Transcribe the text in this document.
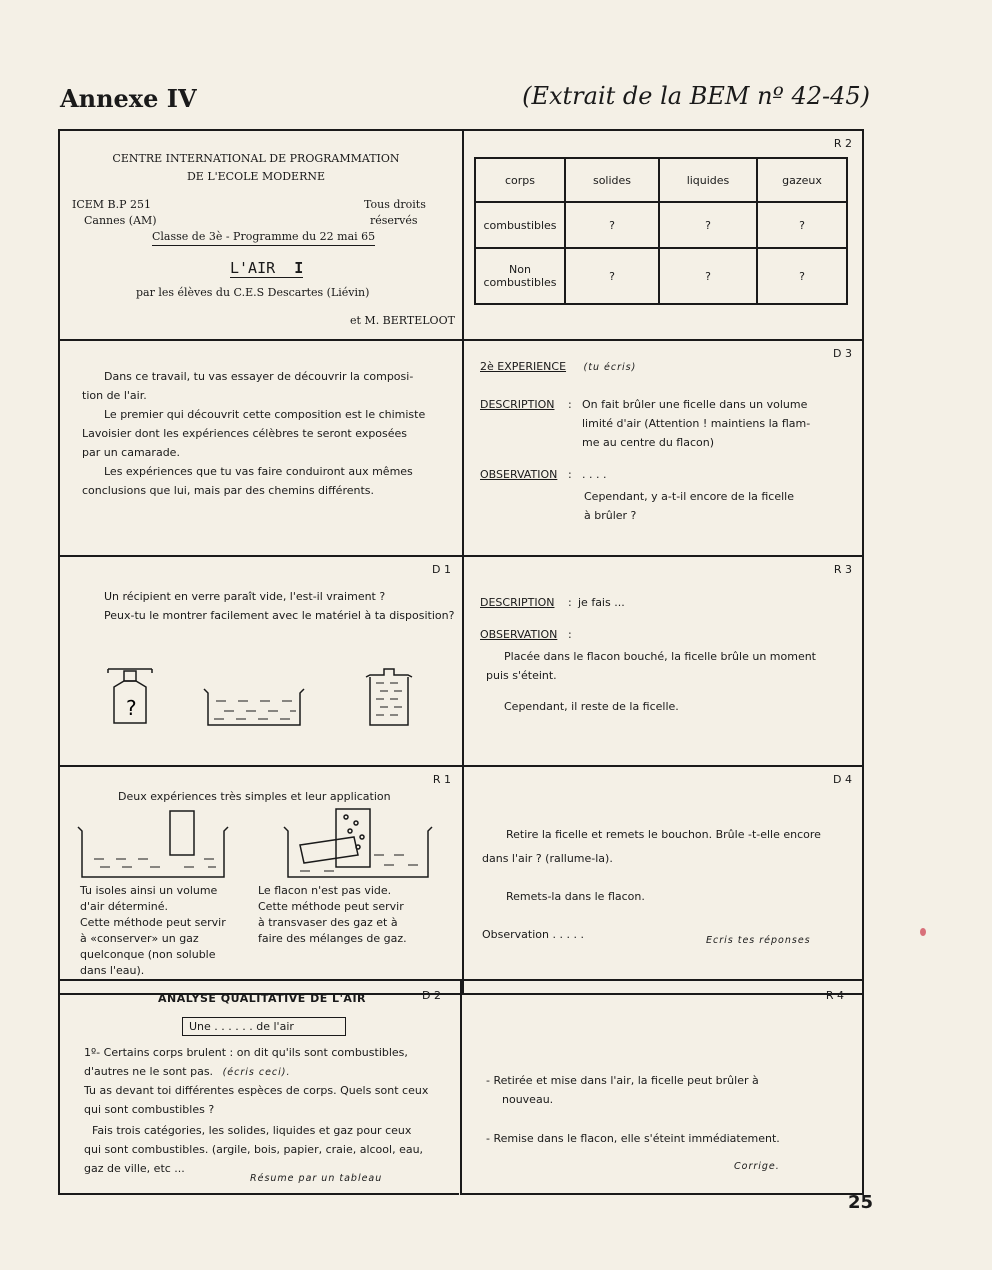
Annexe IV	(Extrait de la BEM nº 42-45)
CENTRE INTERNATIONAL DE PROGRAMMATION
DE L'ECOLE MODERNE
ICEM B.P 251
Cannes (AM)
Tous droits
réservés
Classe de 3è - Programme du 22 mai 65
L'AIR I
par les élèves du C.E.S Descartes (Liévin)
et M. BERTELOOT
R 2
corps	solides	liquides	gazeux
combustibles	?	?	?

Non
combustibles	?	?	?
Dans ce travail, tu vas essayer de découvrir la composi-
tion de l'air.
Le premier qui découvrit cette composition est le chimiste
Lavoisier dont les expériences célèbres te seront exposées
par un camarade.
Les expériences que tu vas faire conduiront aux mêmes
conclusions que lui, mais par des chemins différents.
D 3
2è EXPERIENCE (tu écris)
DESCRIPTION : On fait brûler une ficelle dans un volume
limité d'air (Attention ! maintiens la flam-
me au centre du flacon)
OBSERVATION : . . . .
Cependant, y a-t-il encore de la ficelle
à brûler ?
D 1
Un récipient en verre paraît vide, l'est-il vraiment ?
Peux-tu le montrer facilement avec le matériel à ta disposition?
?
R 3
DESCRIPTION : je fais ...
OBSERVATION :
Placée dans le flacon bouché, la ficelle brûle un moment
puis s'éteint.
Cependant, il reste de la ficelle.
R 1
Deux expériences très simples et leur application
Tu isoles ainsi un volume
d'air déterminé.
Cette méthode peut servir
à «conserver» un gaz
quelconque (non soluble
dans l'eau).
Le flacon n'est pas vide.
Cette méthode peut servir
à transvaser des gaz et à
faire des mélanges de gaz.
D 4
Retire la ficelle et remets le bouchon. Brûle -t-elle encore
dans l'air ? (rallume-la).
Remets-la dans le flacon.
Observation . . . . .	Ecris tes réponses
D 2
ANALYSE QUALITATIVE DE L'AIR
Une . . . . . . de l'air
1º- Certains corps brulent : on dit qu'ils sont combustibles,
d'autres ne le sont pas. (écris ceci).
Tu as devant toi différentes espèces de corps. Quels sont ceux
qui sont combustibles ?
Fais trois catégories, les solides, liquides et gaz pour ceux
qui sont combustibles. (argile, bois, papier, craie, alcool, eau,
gaz de ville, etc ...
Résume par un tableau
R 4
- Retirée et mise dans l'air, la ficelle peut brûler à
nouveau.
- Remise dans le flacon, elle s'éteint immédiatement.
Corrige.
25
